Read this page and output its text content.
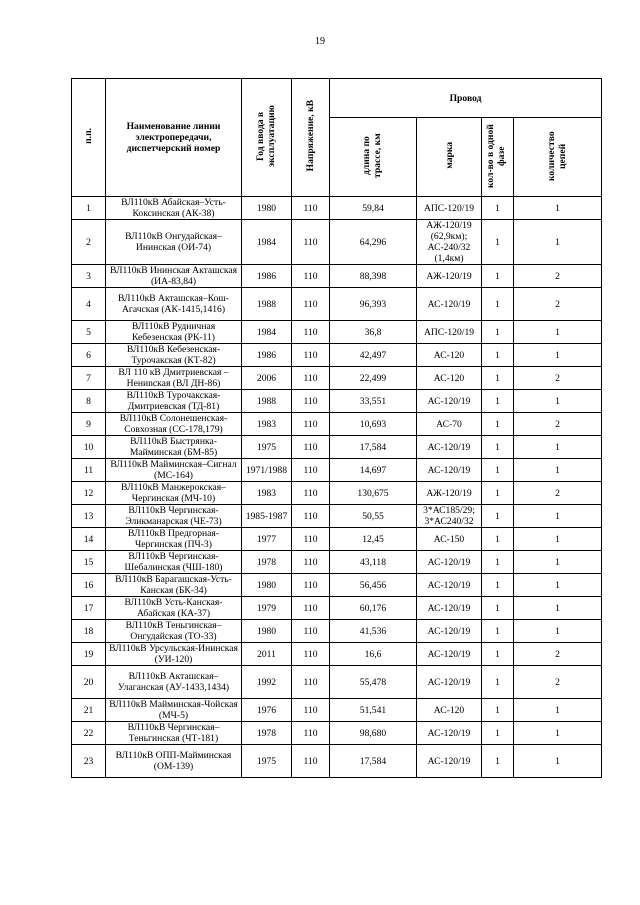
19
п.п.	Наименование линии электропередачи, диспетчерский номер	Год ввода в эксплуатацию	Напряжение, кВ	Провод			
				длина по трассе, км	марка	кол-во в одной фазе	количество цепей
1	ВЛ110кВ Абайская–Усть-Коксинская (АК-38)	1980	110	59,84	АПС-120/19	1	1
2	ВЛ110кВ Онгудайская–Ининская (ОИ-74)	1984	110	64,296	АЖ-120/19 (62,9км); АС-240/32 (1,4км)	1	1
3	ВЛ110кВ Ининская Акташская (ИА-83,84)	1986	110	88,398	АЖ-120/19	1	2
4	ВЛ110кВ Акташская–Кош-Агачская (АК-1415,1416)	1988	110	96,393	АС-120/19	1	2
5	ВЛ110кВ Рудничная Кебезенская (РК-11)	1984	110	36,8	АПС-120/19	1	1
6	ВЛ110кВ Кебезенская-Турочакская (КТ-82)	1986	110	42,497	АС-120	1	1
7	ВЛ 110 кВ Дмитриевская – Нениnская (ВЛ ДН-86)	2006	110	22,499	АС-120	1	2
8	ВЛ110кВ Турочакская-Дмитриевская (ТД-81)	1988	110	33,551	АС-120/19	1	1
9	ВЛ110кВ Солонешенская-Совхозная (СС-178,179)	1983	110	10,693	АС-70	1	2
10	ВЛ110кВ Быстрянка-Майминская (БМ-85)	1975	110	17,584	АС-120/19	1	1
11	ВЛ110кВ Майминская–Сигнал (МС-164)	1971/1988	110	14,697	АС-120/19	1	1
12	ВЛ110кВ Манжерокская–Чергинская (МЧ-10)	1983	110	130,675	АЖ-120/19	1	2
13	ВЛ110кВ Чергинская-Эликманарская (ЧЕ-73)	1985-1987	110	50,55	3*АС185/29; 3*АС240/32	1	1
14	ВЛ110кВ Предгорная-Чергинская (ПЧ-3)	1977	110	12,45	АС-150	1	1
15	ВЛ110кВ Чергинская-Шебалинская (ЧШ-180)	1978	110	43,118	АС-120/19	1	1
16	ВЛ110кВ Барагашская-Усть-Канская (БК-34)	1980	110	56,456	АС-120/19	1	1
17	ВЛ110кВ Усть-Канская-Абайская (КА-37)	1979	110	60,176	АС-120/19	1	1
18	ВЛ110кВ Теньгинская–Онгудайская (ТО-33)	1980	110	41,536	АС-120/19	1	1
19	ВЛ110кВ Урсульская-Ининская (УИ-120)	2011	110	16,6	АС-120/19	1	2
20	ВЛ110кВ Акташская–Улаганская (АУ-1433,1434)	1992	110	55,478	АС-120/19	1	2
21	ВЛ110кВ Майминская-Чойская (МЧ-5)	1976	110	51,541	АС-120	1	1
22	ВЛ110кВ Чергинская–Теньгинская (ЧТ-181)	1978	110	98,680	АС-120/19	1	1
23	ВЛ110кВ ОПП-Майминская (ОМ-139)	1975	110	17,584	АС-120/19	1	1
